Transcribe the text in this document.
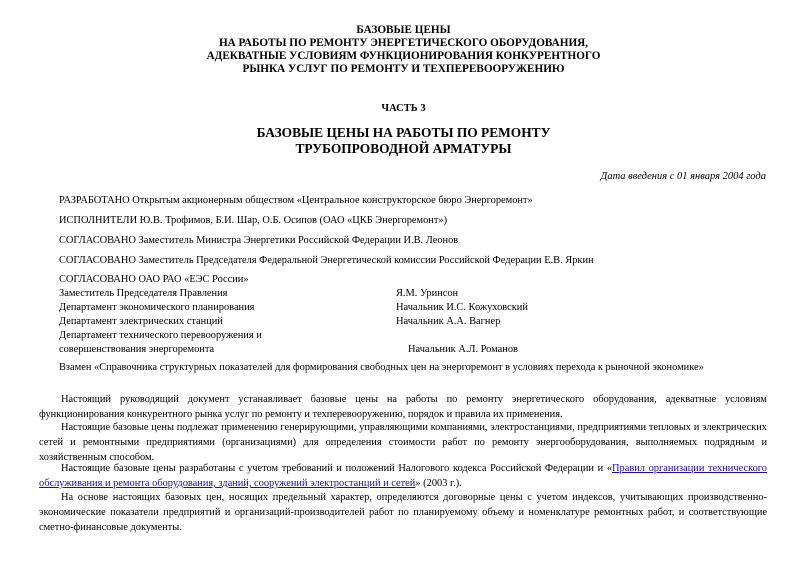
БАЗОВЫЕ ЦЕНЫ
НА РАБОТЫ ПО РЕМОНТУ ЭНЕРГЕТИЧЕСКОГО ОБОРУДОВАНИЯ,
АДЕКВАТНЫЕ УСЛОВИЯМ ФУНКЦИОНИРОВАНИЯ КОНКУРЕНТНОГО
РЫНКА УСЛУГ ПО РЕМОНТУ И ТЕХПЕРЕВООРУЖЕНИЮ
ЧАСТЬ 3
БАЗОВЫЕ ЦЕНЫ НА РАБОТЫ ПО РЕМОНТУ
ТРУБОПРОВОДНОЙ АРМАТУРЫ
Дата введения с 01 января 2004 года
РАЗРАБОТАНО Открытым акционерным обществом «Центральное конструкторское бюро Энергоремонт»
ИСПОЛНИТЕЛИ Ю.В. Трофимов, Б.И. Шар, О.Б. Осипов (ОАО «ЦКБ Энергоремонт»)
СОГЛАСОВАНО Заместитель Министра Энергетики Российской Федерации И.В. Леонов
СОГЛАСОВАНО Заместитель Председателя Федеральной Энергетической комиссии Российской Федерации Е.В. Яркин
СОГЛАСОВАНО ОАО РАО «ЕЭС России»
Заместитель Председателя Правления	Я.М. Уринсон
Департамент экономического планирования	Начальник И.С. Кожуховский
Департамент электрических станций	Начальник А.А. Вагнер
Департамент технического перевооружения и
совершенствования энергоремонта	Начальник А.Л. Романов
Взамен «Справочника структурных показателей для формирования свободных цен на энергоремонт в условиях перехода к рыночной экономике»

Настоящий руководящий документ устанавливает базовые цены на работы по ремонту энергетического оборудования, адекватные условиям функционирования конкурентного рынка услуг по ремонту и техперевооружению, порядок и правила их применения.

Настоящие базовые цены подлежат применению генерирующими, управляющими компаниями, электростанциями, предприятиями тепловых и электрических сетей и ремонтными предприятиями (организациями) для определения стоимости работ по ремонту энергооборудования, выполняемых подрядным и хозяйственным способом.

Настоящие базовые цены разработаны с учетом требований и положений Налогового кодекса Российской Федерации и «Правил организации технического обслуживания и ремонта оборудования, зданий, сооружений электростанций и сетей» (2003 г.).

На основе настоящих базовых цен, носящих предельный характер, определяются договорные цены с учетом индексов, учитывающих производственно-экономические показатели предприятий и организаций-производителей работ по планируемому объему и номенклатуре ремонтных работ, и соответствующие сметно-финансовые документы.
